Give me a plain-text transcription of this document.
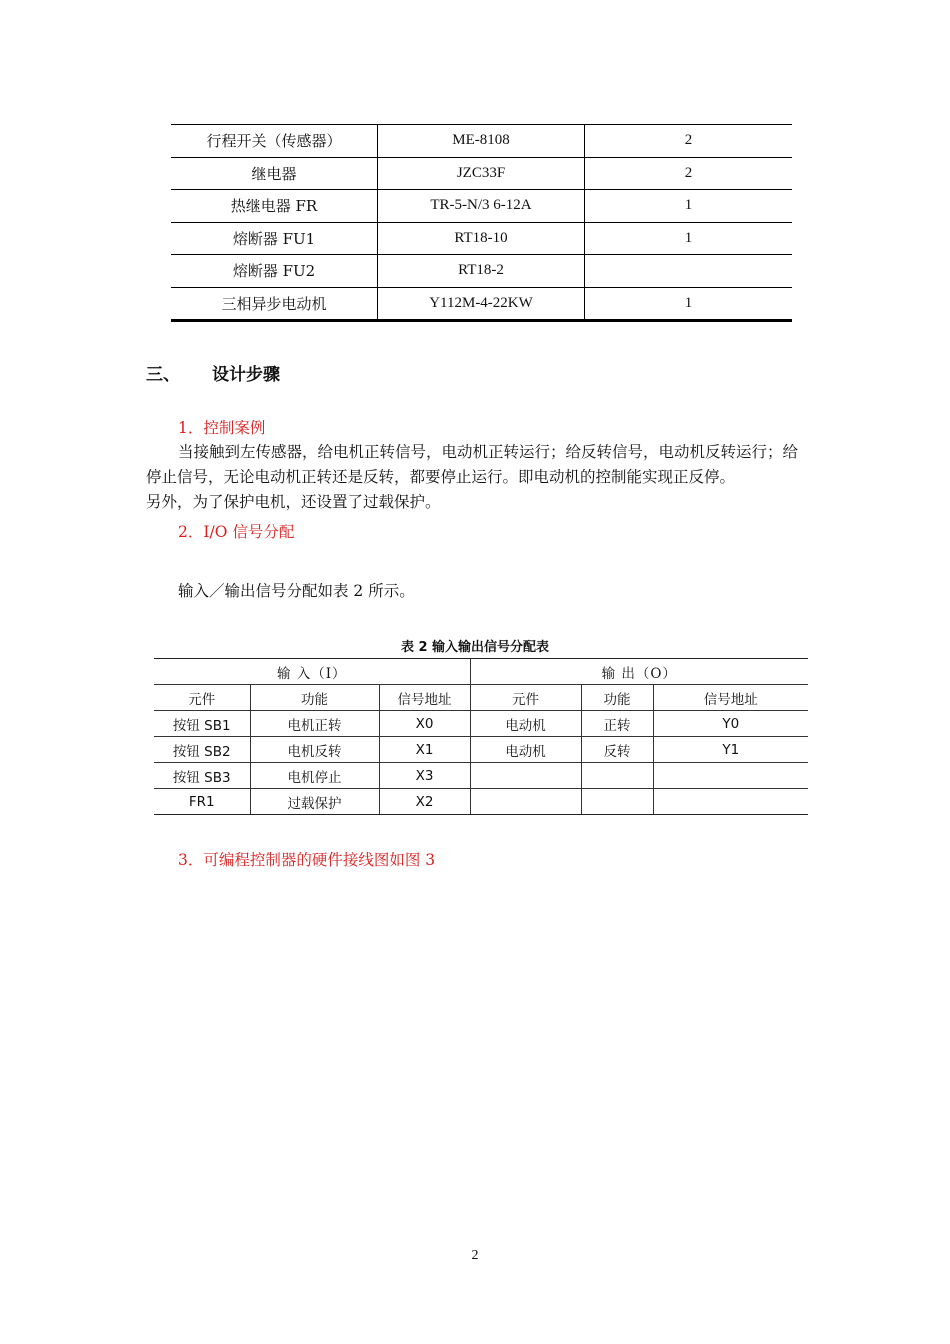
行程开关（传感器）	ME-8108	2
继电器	JZC33F	2
热继电器 FR	TR-5-N/3 6-12A	1
熔断器 FU1	RT18-10	1
熔断器 FU2	RT18-2	
三相异步电动机	Y112M-4-22KW	1
三、 设计步骤
1．控制案例
当接触到左传感器，给电机正转信号，电动机正转运行；给反转信号，电动机反转运行；给
停止信号，无论电动机正转还是反转，都要停止运行。即电动机的控制能实现正反停。
另外，为了保护电机，还设置了过载保护。
2．I/O 信号分配
输入／输出信号分配如表 2 所示。
表 2 输入输出信号分配表
输 入（I）			输 出（O）		
元件	功能	信号地址	元件	功能	信号地址
按钮 SB1	电机正转	X0	电动机	正转	Y0
按钮 SB2	电机反转	X1	电动机	反转	Y1
按钮 SB3	电机停止	X3			
FR1	过载保护	X2			
3．可编程控制器的硬件接线图如图 3
2
